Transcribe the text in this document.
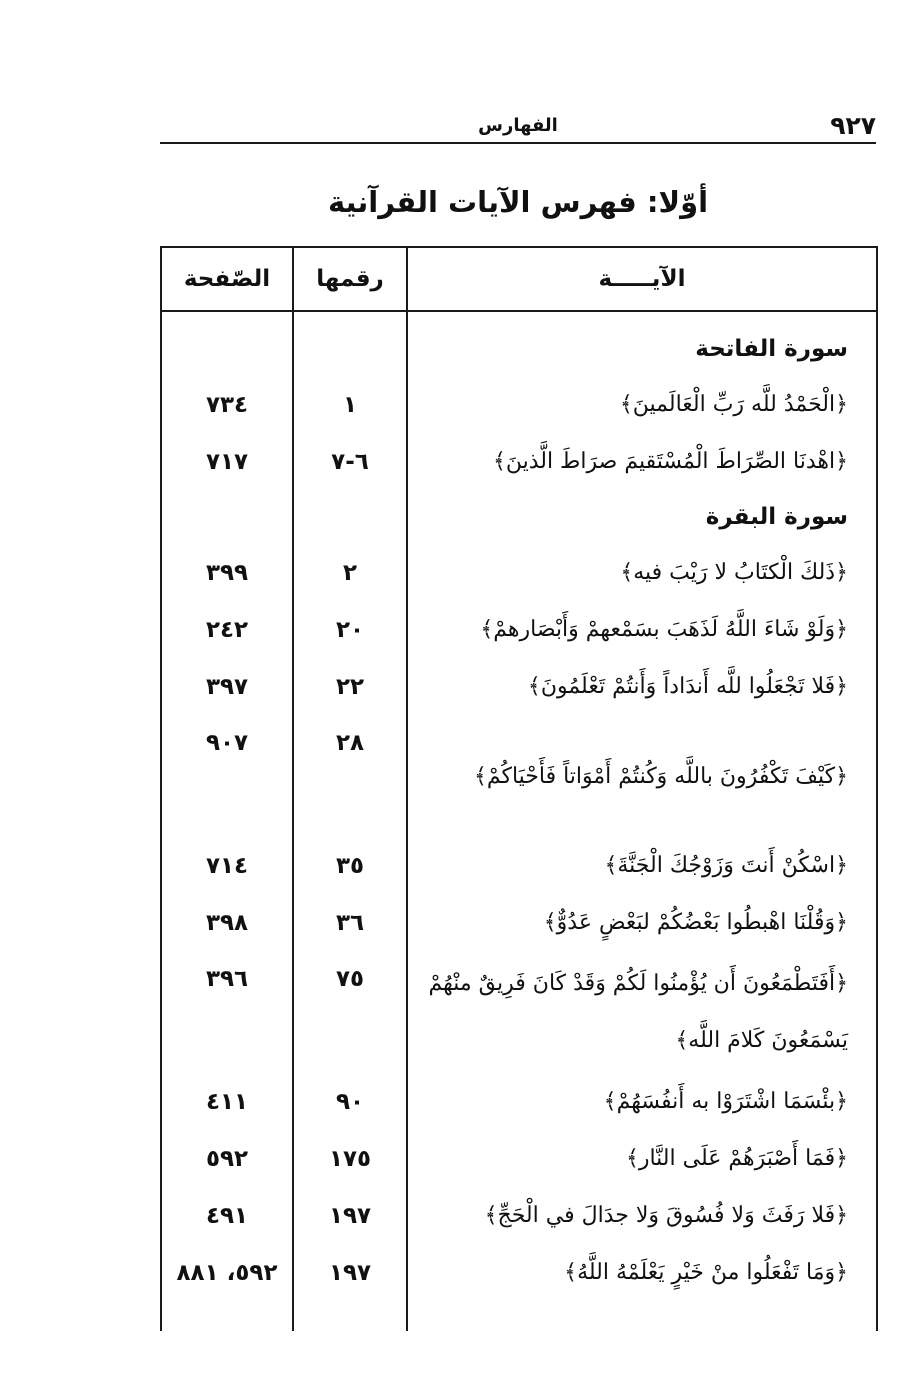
٩٢٧
الفهارس
أوّلا: فهرس الآيات القرآنية
الآيـــــة	رقمها	الصّفحة

سورة الفاتحة		

﴿الْحَمْدُ للَّه رَبِّ الْعَالَمينَ﴾	١	٧٣٤

﴿اهْدنَا الصِّرَاطَ الْمُسْتَقيمَ صرَاطَ الَّذينَ﴾	٦-٧	٧١٧
سورة البقرة		

﴿ذَلكَ الْكتَابُ لا رَيْبَ فيه﴾	٢	٣٩٩

﴿وَلَوْ شَاءَ اللَّهُ لَذَهَبَ بسَمْعهمْ وَأَبْصَارهمْ﴾	٢٠	٢٤٢

﴿فَلا تَجْعَلُوا للَّه أَندَاداً وَأَنتُمْ تَعْلَمُونَ﴾	٢٢	٣٩٧

﴿كَيْفَ تَكْفُرُونَ باللَّه وَكُنتُمْ أَمْوَاتاً فَأَحْيَاكُمْ﴾	٢٨	٩٠٧

﴿اسْكُنْ أَنتَ وَزَوْجُكَ الْجَنَّةَ﴾	٣٥	٧١٤

﴿وَقُلْنَا اهْبطُوا بَعْضُكُمْ لبَعْضٍ عَدُوٌّ﴾	٣٦	٣٩٨

﴿أَفَتَطْمَعُونَ أَن يُؤْمنُوا لَكُمْ وَقَدْ كَانَ فَرِيقٌ منْهُمْ يَسْمَعُونَ كَلامَ اللَّه﴾	٧٥	٣٩٦

﴿بئْسَمَا اشْتَرَوْا به أَنفُسَهُمْ﴾	٩٠	٤١١

﴿فَمَا أَصْبَرَهُمْ عَلَى النَّار﴾	١٧٥	٥٩٢

﴿فَلا رَفَثَ وَلا فُسُوقَ وَلا جدَالَ في الْحَجِّ﴾	١٩٧	٤٩١

﴿وَمَا تَفْعَلُوا منْ خَيْرٍ يَعْلَمْهُ اللَّهُ﴾	١٩٧	٥٩٢، ٨٨١
